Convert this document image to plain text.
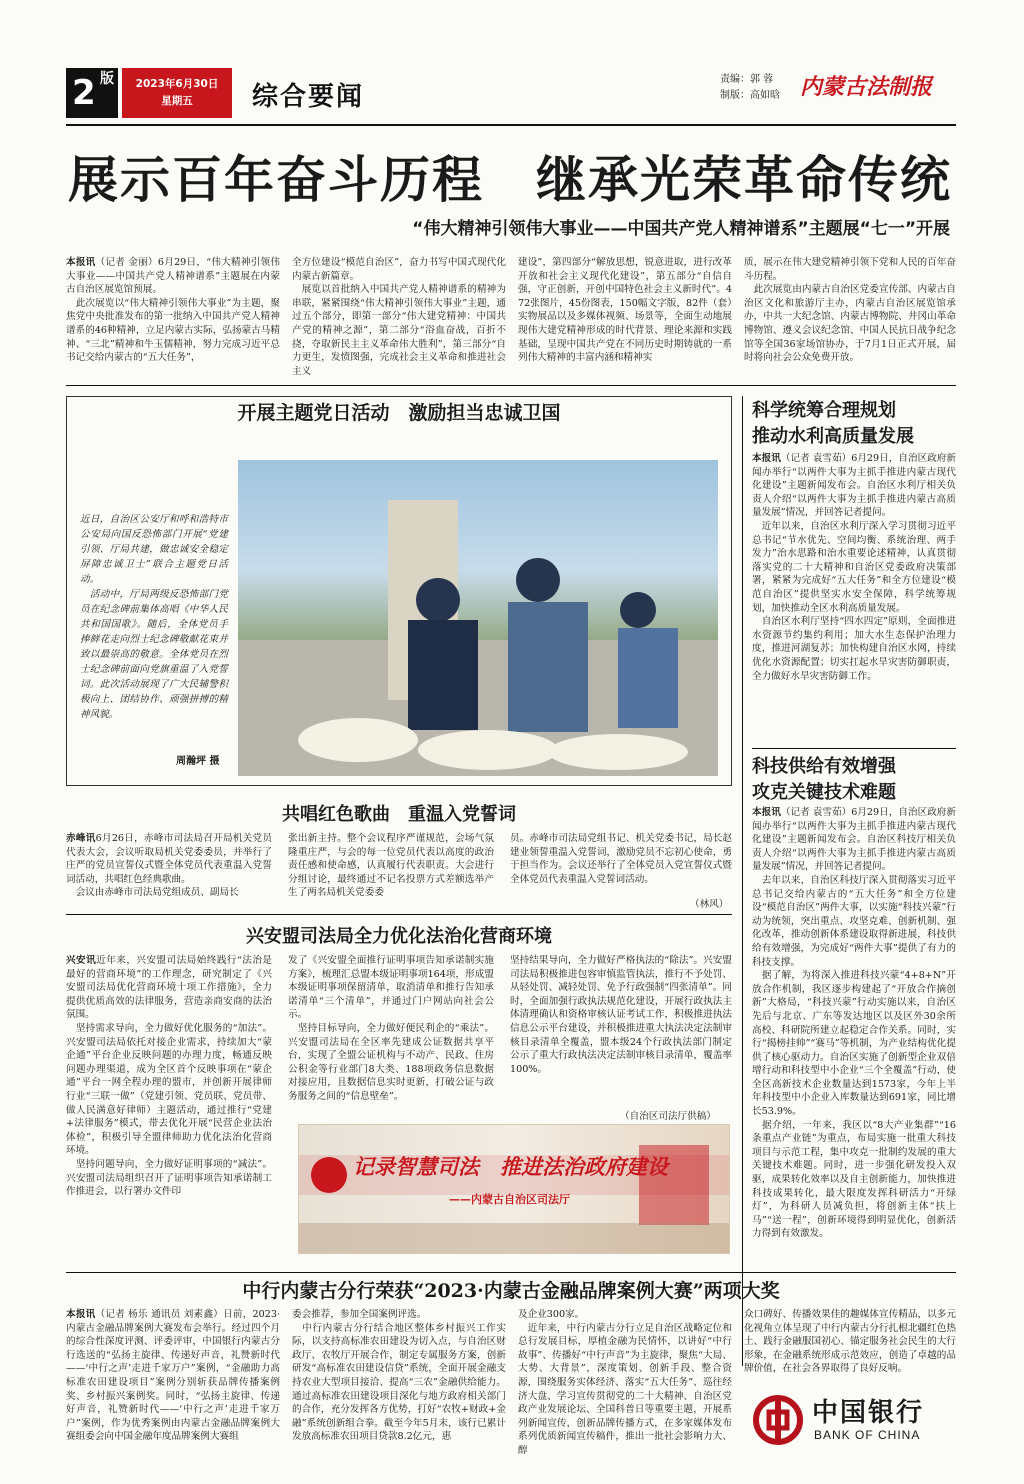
2 版	2023年6月30日
星期五	综合要闻
责编：郭 蓉
制版：高如晗 内蒙古法制报
展示百年奋斗历程　继承光荣革命传统
“伟大精神引领伟大事业——中国共产党人精神谱系”主题展“七一”开展
本报讯（记者 金丽）6月29日，“伟大精神引领伟大事业——中国共产党人精神谱系”主题展在内蒙古自治区展览馆预展。
　此次展览以“伟大精神引领伟大事业”为主题，聚焦党中央批准发布的第一批纳入中国共产党人精神谱系的46种精神，立足内蒙古实际，弘扬蒙古马精神、“三北”精神和牛玉儒精神，努力完成习近平总书记交给内蒙古的“五大任务”，
全方位建设“模范自治区”，奋力书写中国式现代化内蒙古新篇章。
　展览以首批纳入中国共产党人精神谱系的精神为串联，紧紧围绕“伟大精神引领伟大事业”主题，通过五个部分，即第一部分“伟大建党精神：中国共产党的精神之源”，第二部分“浴血奋战，百折不挠，夺取新民主主义革命伟大胜利”，第三部分“自力更生，发愤图强，完成社会主义革命和推进社会主义
建设”，第四部分“解放思想，锐意进取，进行改革开放和社会主义现代化建设”，第五部分“自信自强，守正创新，开创中国特色社会主义新时代”。472张图片，45份图表，150幅文字版，82件（套）实物展品以及多媒体视频、场景等，全面生动地展现伟大建党精神形成的时代背景、理论来源和实践基础，呈现中国共产党在不同历史时期铸就的一系列伟大精神的丰富内涵和精神实
质，展示在伟大建党精神引领下党和人民的百年奋斗历程。
　此次展览由内蒙古自治区党委宣传部、内蒙古自治区文化和旅游厅主办，内蒙古自治区展览馆承办，中共一大纪念馆、内蒙古博物院、井冈山革命博物馆、遵义会议纪念馆、中国人民抗日战争纪念馆等全国36家场馆协办，于7月1日正式开展，届时将向社会公众免费开放。
开展主题党日活动　激励担当忠诚卫国
近日，自治区公安厅和呼和浩特市公安局向国反恐怖部门开展“党建引领、厅局共建，做忠诚安全稳定屏障忠诚卫士”联合主题党日活动。
　活动中，厅局两级反恐怖部门党员在纪念碑前集体高唱《中华人民共和国国歌》。随后，全体党员手捧鲜花走向烈士纪念碑敬献花束并致以最崇高的敬意。全体党员在烈士纪念碑前面向党旗重温了入党誓词。此次活动展现了广大民辅警积极向上、团结协作、顽强拼搏的精神风貌。
周瀚坪 摄
科学统筹合理规划
推动水利高质量发展
本报讯（记者 袁雪茹）6月29日，自治区政府新闻办举行“以两件大事为主抓手推进内蒙古现代化建设”主题新闻发布会。自治区水利厅相关负责人介绍“以两件大事为主抓手推进内蒙古高质量发展”情况，并回答记者提问。
　近年以来，自治区水利厅深入学习贯彻习近平总书记“节水优先、空间均衡、系统治理、两手发力”治水思路和治水重要论述精神，认真贯彻落实党的二十大精神和自治区党委政府决策部署，紧紧为完成好“五大任务”和全方位建设“模范自治区”提供坚实水安全保障，科学统筹规划，加快推动全区水利高质量发展。
　自治区水利厅坚持“四水四定”原则，全面推进水资源节约集约利用；加大水生态保护治理力度，推进河湖复苏；加快构建自治区水网，持续优化水资源配置；切实扛起水旱灾害防御职责，全力做好水旱灾害防御工作。
科技供给有效增强
攻克关键技术难题
本报讯（记者 袁雪茹）6月29日，自治区政府新闻办举行“以两件大事为主抓手推进内蒙古现代化建设”主题新闻发布会。自治区科技厅相关负责人介绍“以两件大事为主抓手推进内蒙古高质量发展”情况，并回答记者提问。
　去年以来，自治区科技厅深入贯彻落实习近平总书记交给内蒙古的“五大任务”和全方位建设“模范自治区”两件大事，以实施“科技兴蒙”行动为统领，突出重点、攻坚克难、创新机制、强化改革，推动创新体系建设取得新进展，科技供给有效增强，为完成好“两件大事”提供了有力的科技支撑。
　据了解，为将深入推进科技兴蒙“4+8+N”开放合作机制，我区逐步构建起了“开放合作摘创新”大格局，“科技兴蒙”行动实施以来，自治区先后与北京、广东等发达地区以及区外30余所高校、科研院所建立起稳定合作关系。同时，实行“揭榜挂帅”“赛马”等机制，为产业结构优化提供了核心驱动力。自治区实施了创新型企业双倍增行动和科技型中小企业“三个全覆盖”行动，使全区高新技术企业数量达到1573家，今年上半年科技型中小企业入库数量达到691家，同比增长53.9%。
　据介绍，一年来，我区以“8大产业集群”“16条重点产业链”为重点，布局实施一批重大科技项目与示范工程，集中攻克一批制约发展的重大关键技术难题。同时，进一步强化研发投入双驱，成果转化效率以及自主创新能力，加快推进科技成果转化，最大限度发挥科研活力“开绿灯”，为科研人员减负担，将创新主体“扶上马”“送一程”，创新环境得到明显优化，创新活力得到有效激发。
共唱红色歌曲　重温入党誓词
赤峰讯6月26日，赤峰市司法局召开局机关党员代表大会，会议听取局机关党委委员，并举行了庄严的党员宣誓仪式暨全体党员代表重温入党誓词活动，共唱红色经典歌曲。
　会议由赤峰市司法局党组成员、副局长
张出新主持。整个会议程序严谨规范，会场气氛隆重庄严，与会的每一位党员代表以高度的政治责任感和使命感，认真履行代表职责。大会进行分组讨论，最终通过不记名投票方式差额选举产生了两名局机关党委委
员。赤峰市司法局党组书记、机关党委书记，局长赵建业领誓重温入党誓词，激励党员不忘初心使命，勇于担当作为。会议还举行了全体党员入党宣誓仪式暨全体党员代表重温入党誓词活动。
（林风）
兴安盟司法局全力优化法治化营商环境
兴安讯近年来，兴安盟司法局始终践行“法治是最好的营商环境”的工作理念，研究制定了《兴安盟司法局优化营商环境十项工作措施》，全力提供优质高效的法律服务，营造亲商安商的法治氛围。
　坚持需求导向，全力做好优化服务的“加法”。兴安盟司法局依托对接企业需求，持续加大“蒙企通”平台企业反映问题的办理力度，畅通反映问题办理渠道，成为全区首个反映事项在“蒙企通”平台一网全程办理的盟市，并创新开展律师行业“三联一做”（党建引领、党员联、党员带、做人民满意好律师）主题活动，通过推行“党建+法律服务”模式，带去优化开展“民营企业法治体检”，积极引导全盟律师助力优化法治化营商环境。
　坚持问题导向，全力做好证明事项的“减法”。兴安盟司法局组织召开了证明事项告知承诺制工作推进会，以行署办文件印
发了《兴安盟全面推行证明事项告知承诺制实施方案》，梳理汇总盟本级证明事项164项，形成盟本级证明事项保留清单，取消清单和推行告知承诺清单“三个清单”，并通过门户网站向社会公示。
　坚持目标导向，全力做好便民利企的“乘法”。兴安盟司法局在全区率先建成公证数据共享平台，实现了全盟公证机构与不动产、民政、住房公积金等行业部门8大类、188项政务信息数据对接应用，且数据信息实时更新，打破公证与政务服务之间的“信息壁垒”。
坚持结果导向，全力做好严格执法的“除法”。兴安盟司法局积极推进包容审慎监管执法，推行不予处罚、从轻处罚、减轻处罚、免予行政强制“四张清单”。同时，全面加强行政执法规范化建设，开展行政执法主体清理确认和资格审核认证考试工作，积极推进执法信息公示平台建设，并积极推进重大执法决定法制审核目录清单全覆盖，盟本级24个行政执法部门制定公示了重大行政执法决定法制审核目录清单，覆盖率100%。
（自治区司法厅供稿）
记录智慧司法　推进法治政府建设
——内蒙古自治区司法厅
中行内蒙古分行荣获“2023·内蒙古金融品牌案例大赛”两项大奖
本报讯（记者 杨乐 通讯员 刘素鑫）日前，2023·内蒙古金融品牌案例大赛发布会举行。经过四个月的综合性深度评测、评委评审，中国银行内蒙古分行选送的“弘扬主旋律、传递好声音，礼赞新时代——‘中行之声’走进千家万户”案例，“金融助力高标准农田建设项目”案例分别斩获品牌传播案例奖、乡村振兴案例奖。同时，“弘扬主旋律、传递好声音，礼赞新时代——‘中行之声’走进千家万户”案例，作为优秀案例由内蒙古金融品牌案例大赛组委会向中国金融年度品牌案例大赛组
委会推荐，参加全国案例评选。
　中行内蒙古分行结合地区整体乡村振兴工作实际，以支持高标准农田建设为切入点，与自治区财政厅、农牧厅开展合作，制定专属服务方案，创新研发“高标准农田建设信贷”系统，全面开展金融支持农业大型项目接洽、提高“三农”金融供给能力。通过高标准农田建设项目深化与地方政府相关部门的合作，充分发挥各方优势，打好“农牧+财政+金融”系统创新组合拳。截至今年5月末，该行已累计发放高标准农田项目贷款8.2亿元，惠
及企业300家。
　近年来，中行内蒙古分行立足自治区战略定位和总行发展目标，厚植金融为民情怀，以讲好“中行故事”、传播好“中行声音”为主旋律，聚焦“大局、大势、大背景”，深度策划、创新手段、整合资源，围绕服务实体经济、落实“五大任务”、巡往经济大盘、学习宣传贯彻党的二十大精神、自治区党政产业发展论坛、全国科普日等重要主题，开展系列新闻宣传，创新品牌传播方式，在多家媒体发布系列优质新闻宣传稿件，推出一批社会影响力大、醇
众口碑好、传播效果佳的趣媒体宣传精品，以多元化视角立体呈现了中行内蒙古分行扎根北疆红色热土、践行金融服国初心、锚定服务社会民生的大行形象，在金融系统形成示范效应，创造了卓越的品牌价值，在社会各界取得了良好反响。
中国银行
BANK OF CHINA
